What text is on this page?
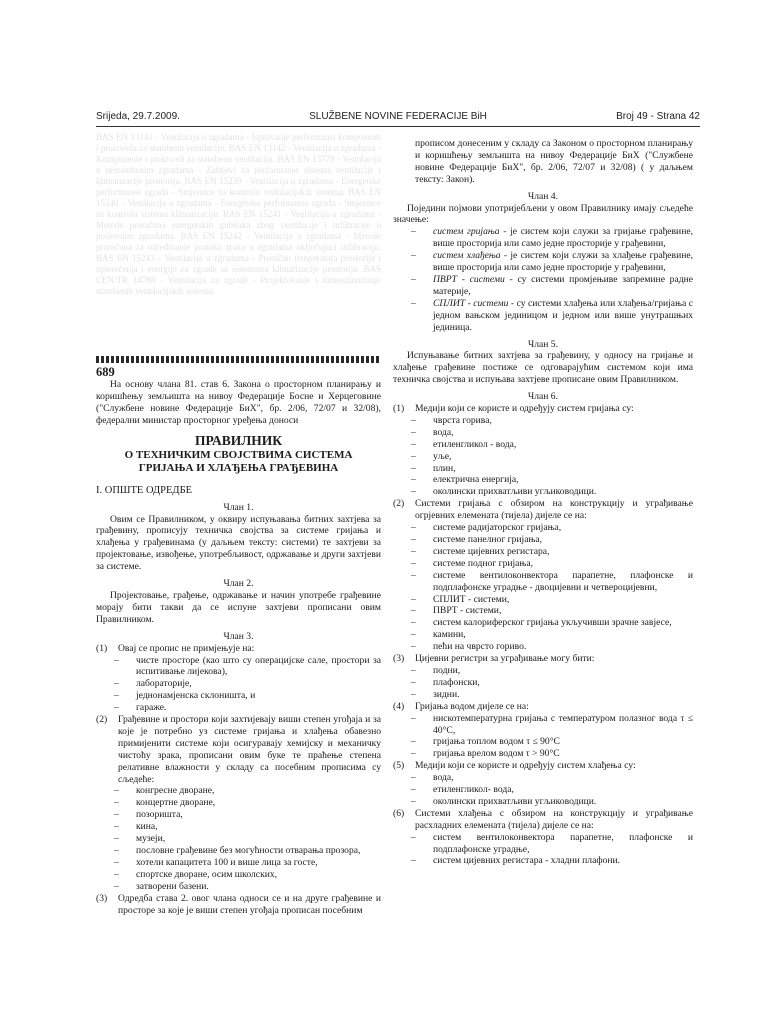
Srijeda, 29.7.2009.	SLUŽBENE NOVINE FEDERACIJE BiH	Broj 49 - Strana 42
BAS EN 13141 - Ventilacija u zgradama - Ispitivanje performansi komponenti i proizvoda za stambenu ventilaciju. BAS EN 13142 - Ventilacija u zgradama - Komponente i proizvodi za stambenu ventilaciju. BAS EN 13779 - Ventilacija u nestambenim zgradama - Zahtjevi za performanse sistema ventilacije i klimatizacije prostorija. BAS EN 15239 - Ventilacija u zgradama - Energetske performanse zgrada - Smjernice za kontrolu ventilacijskih sistema. BAS EN 15240 - Ventilacija u zgradama - Energetske performanse zgrada - Smjernice za kontrolu sistema klimatizacije. BAS EN 15241 - Ventilacija u zgradama - Metode proračuna energetskih gubitaka zbog ventilacije i infiltracije u poslovnim zgradama. BAS EN 15242 - Ventilacija u zgradama - Metode proračuna za određivanje protoka zraka u zgradama uključujući infiltraciju. BAS EN 15243 - Ventilacija u zgradama - Proračun temperatura prostorija i opterećenja i energije za zgrade sa sistemima klimatizacije prostorija. BAS CEN/TR 14788 - Ventilacija za zgrade - Projektovanje i dimenzioniranje stambenih ventilacijskih sistema.
689

На основу члана 81. став 6. Закона о просторном планирању и коришћењу земљишта на нивоу Федерације Босне и Херцеговине ("Службене новине Федерације БиХ", бр. 2/06, 72/07 и 32/08), федерални министар просторног уређења доноси

ПРАВИЛНИК
О ТЕХНИЧКИМ СВОЈСТВИМА СИСТЕМА ГРИЈАЊА И ХЛАЂЕЊА ГРАЂЕВИНА
I. ОПШТЕ ОДРЕДБЕ
Члан 1.

Овим се Правилником, у оквиру испуњавања битних захтјева за грађевину, прописују техничка својства за системе гријања и хлађења у грађевинама (у даљњем тексту: системи) те захтјеви за пројектовање, извођење, употребљивост, одржавање и други захтјеви за системе.

Члан 2.

Пројектовање, грађење, одржавање и начин употребе грађевине морају бити такви да се испуне захтјеви прописани овим Правилником.

Члан 3.
(1)	Овај се пропис не примјењује на:
–	чисте просторе (као што су операцијске сале, простори за испитивање лијекова),
–	лабораторије,
–	једнонамјенска склоништа, и
–	гараже.
(2)	Грађевине и простори који захтијевају виши степен угођаја и за које је потребно уз системе гријања и хлађења обавезно примијенити системе који осигуравају хемијску и механичку чистоћу зрака, прописани овим буке те праћење степена релативне влажности у складу са посебним прописима су сљедеће:
–	конгресне дворане,
–	концертне дворане,
–	позоришта,
–	кина,
–	музеји,
–	пословне грађевине без могућности отварања прозора,
–	хотели капацитета 100 и више лица за госте,
–	спортске дворане, осим школских,
–	затворени базени.
(3)	Одредба става 2. овог члана односи се и на друге грађевине и просторе за које је виши степен угођаја прописан посебним

прописом донесеним у складу са Законом о просторном планирању и коришћењу земљишта на нивоу Федерације БиХ ("Службене новине Федерације БиХ", бр. 2/06, 72/07 и 32/08) ( у даљњем тексту: Закон).

Члан 4.

Поједини појмови употријебљени у овом Правилнику имају сљедеће значење:

–	систем гријања - је систем који служи за гријање грађевине, више просторија или само једне просторије у грађевини,
–	систем хлађења - је систем који служи за хлађење грађевине, више просторија или само једне просторије у грађевини,
–	ПВРТ - системи - су системи промјењиве запремине радне материје,
–	СПЛИТ - системи - су системи хлађења или хлађења/гријања с једном вањском јединицом и једном или више унутрашњих јединица.
Члан 5.

Испуњавање битних захтјева за грађевину, у односу на гријање и хлађење грађевине постиже се одговарајућим системом који има техничка својства и испуњава захтјеве прописане овим Правилником.

Члан 6.
(1)	Медији који се користе и одређују систем гријања су:
–	чврста горива,
–	вода,
–	етиленгликол - вода,
–	уље,
–	плин,
–	електрична енергија,
–	околински прихватљиви угљиководици.
(2)	Системи гријања с обзиром на конструкцију и уграђивање огрјевних елемената (тијела) дијеле се на:
–	системе радијаторског гријања,
–	системе панелног гријања,
–	системе цијевних регистара,
–	системе подног гријања,
–	системе вентилоконвектора парапетне, плафонске и подплафонске уградње - двоцијевни и четвероцијевни,
–	СПЛИТ - системи,
–	ПВРТ - системи,
–	систем калориферског гријања укључивши зрачне завјесе,
–	камини,
–	пећи на чврсто гориво.
(3)	Цијевни регистри за уграђивање могу бити:
–	подни,
–	плафонски,
–	зидни.
(4)	Гријања водом дијеле се на:
–	нискотемпературна гријања с температуром полазног вода τ ≤ 40°C,
–	гријања топлом водом τ ≤ 90°C
–	гријања врелом водом τ > 90°C
(5)	Медији који се користе и одређују систем хлађења су:
–	вода,
–	етиленгликол- вода,
–	околински прихватљиви угљиководици.
(6)	Системи хлађења с обзиром на конструкцију и уграђивање расхладних елемената (тијела) дијеле се на:
–	систем вентилоконвектора парапетне, плафонске и подплафонске уградње,
–	систем цијевних регистара - хладни плафони.
